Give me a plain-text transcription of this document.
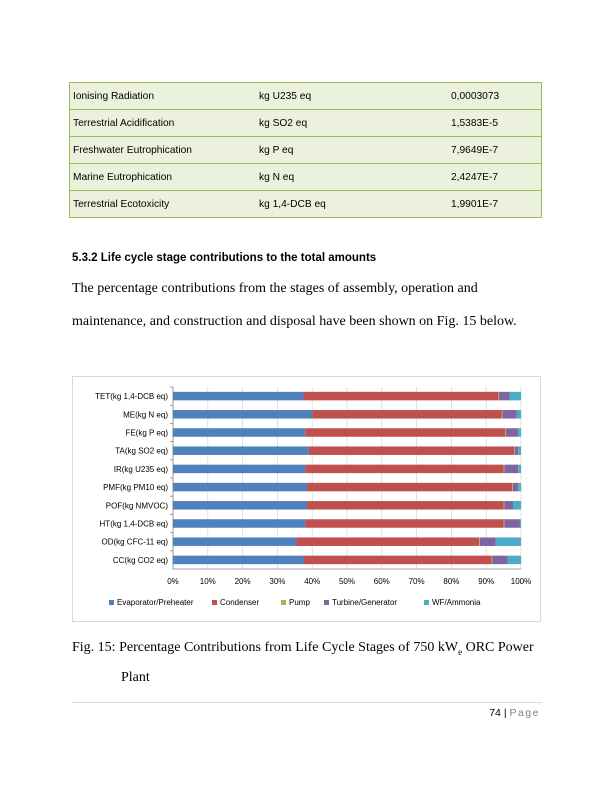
Ionising Radiation	kg U235 eq	0,0003073
Terrestrial Acidification	kg SO2 eq	1,5383E-5
Freshwater Eutrophication	kg P eq	7,9649E-7
Marine Eutrophication	kg N eq	2,4247E-7
Terrestrial Ecotoxicity	kg 1,4-DCB eq	1,9901E-7
5.3.2 Life cycle stage contributions to the total amounts
The percentage contributions from the stages of assembly, operation and
maintenance, and construction and disposal have been shown on Fig. 15 below.
0%	10% 20% 30% 40% 50% 60% 70% 80% 90% 100%
TET(kg 1,4-DCB eq)
ME(kg N eq)
FE(kg P eq)
TA(kg SO2 eq)
IR(kg U235 eq)
PMF(kg PM10 eq)
POF(kg NMVOC)
HT(kg 1,4-DCB eq)
OD(kg CFC-11 eq)
CC(kg CO2 eq)
Evaporator/Preheater	Condenser	Pump	Turbine/Generator	WF/Ammonia
Fig. 15: Percentage Contributions from Life Cycle Stages of 750 $kW_e$ ORC Power
Plant
74 | Page
